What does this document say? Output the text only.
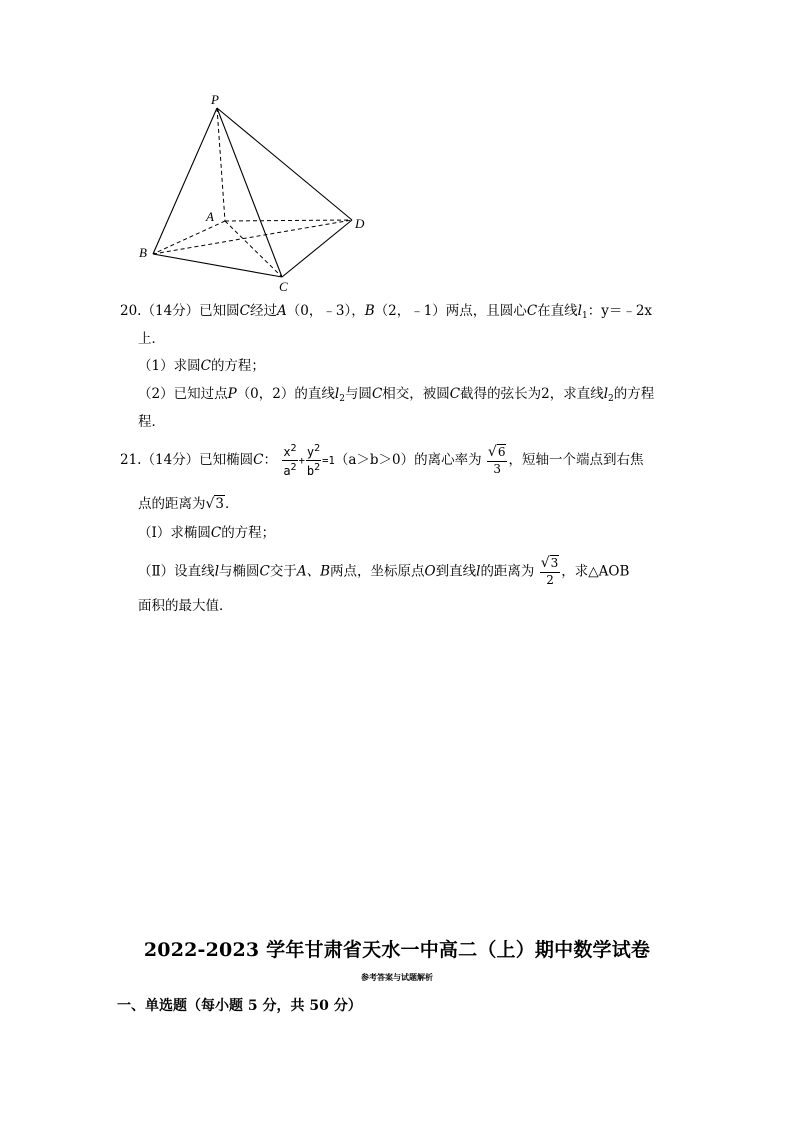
P
A
B
C
D
20.（14分）已知圆C经过A（0，﹣3），B（2，﹣1）两点，且圆心C在直线$l_1$：y＝﹣2x
上．
（1）求圆C的方程；
（2）已知过点P（0，2）的直线$l_2$与圆C相交，被圆C截得的弦长为2，求直线$l_2$的方程
程．
21.（14分）已知椭圆C： $\frac{x^2}{a^2} + \frac{y^2}{b^2} =1(a>b>0)$的离心率为 $\frac{√6}{3}$ ，短轴一个端点到右焦
点的距离为√3．
（Ⅰ）求椭圆C的方程；
（Ⅱ）设直线l与椭圆C交于A、B两点，坐标原点O到直线l的距离为 $\frac{√3}{2}$ ，求△AOB
面积的最大值．
2022-2023 学年甘肃省天水一中高二（上）期中数学试卷
参考答案与试题解析
一、单选题（每小题 5 分，共 50 分）
